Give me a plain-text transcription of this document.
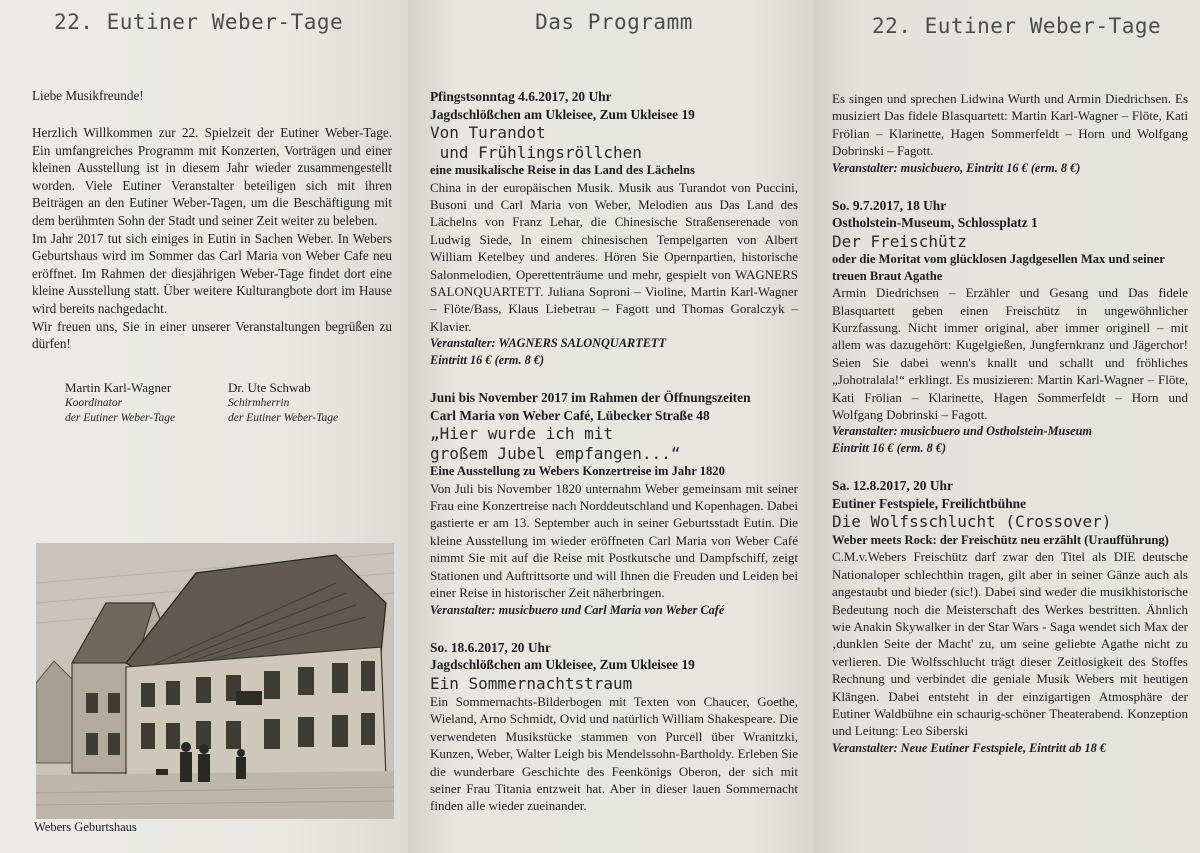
22. Eutiner Weber-Tage
Liebe Musikfreunde!
Herzlich Willkommen zur 22. Spielzeit der Eutiner Weber-Tage. Ein umfangreiches Programm mit Konzerten, Vorträgen und einer kleinen Ausstellung ist in diesem Jahr wieder zusammengestellt worden. Viele Eutiner Veranstalter beteiligen sich mit ihren Beiträgen an den Eutiner Weber-Tagen, um die Beschäftigung mit dem berühmten Sohn der Stadt und seiner Zeit weiter zu beleben.
Im Jahr 2017 tut sich einiges in Eutin in Sachen Weber. In Webers Geburtshaus wird im Sommer das Carl Maria von Weber Cafe neu eröffnet. Im Rahmen der diesjährigen Weber-Tage findet dort eine kleine Ausstellung statt. Über weitere Kulturangbote dort im Hause wird bereits nachgedacht.
Wir freuen uns, Sie in einer unserer Veranstaltungen begrüßen zu dürfen!
Martin Karl-Wagner
Koordinator
der Eutiner Weber-Tage
Dr. Ute Schwab
Schirmherrin
der Eutiner Weber-Tage
Webers Geburtshaus
Das Programm
Pfingstsonntag 4.6.2017, 20 Uhr
Jagdschlößchen am Ukleisee, Zum Ukleisee 19
Von Turandot
und Frühlingsröllchen
eine musikalische Reise in das Land des Lächelns
China in der europäischen Musik. Musik aus Turandot von Puccini, Busoni und Carl Maria von Weber, Melodien aus Das Land des Lächelns von Franz Lehar, die Chinesische Straßenserenade von Ludwig Siede, In einem chinesischen Tempelgarten von Albert William Ketelbey und anderes. Hören Sie Opernpartien, historische Salonmelodien, Operettenträume und mehr, gespielt von WAGNERS SALONQUARTETT. Juliana Soproni – Violine, Martin Karl-Wagner – Flöte/Bass, Klaus Liebetrau – Fagott und Thomas Goralczyk – Klavier.
Veranstalter: WAGNERS SALONQUARTETT
Eintritt 16 € (erm. 8 €)
Juni bis November 2017 im Rahmen der Öffnungszeiten
Carl Maria von Weber Café, Lübecker Straße 48
„Hier wurde ich mit
großem Jubel empfangen...“
Eine Ausstellung zu Webers Konzertreise im Jahr 1820
Von Juli bis November 1820 unternahm Weber gemeinsam mit seiner Frau eine Konzertreise nach Norddeutschland und Kopenhagen. Dabei gastierte er am 13. September auch in seiner Geburtsstadt Eutin. Die kleine Ausstellung im wieder eröffneten Carl Maria von Weber Café nimmt Sie mit auf die Reise mit Postkutsche und Dampfschiff, zeigt Stationen und Auftrittsorte und will Ihnen die Freuden und Leiden bei einer Reise in historischer Zeit näherbringen.
Veranstalter: musicbuero und Carl Maria von Weber Café
So. 18.6.2017, 20 Uhr
Jagdschlößchen am Ukleisee, Zum Ukleisee 19
Ein Sommernachtstraum
Ein Sommernachts-Bilderbogen mit Texten von Chaucer, Goethe, Wieland, Arno Schmidt, Ovid und natürlich William Shakespeare. Die verwendeten Musikstücke stammen von Purcell über Wranitzki, Kunzen, Weber, Walter Leigh bis Mendelssohn-Bartholdy. Erleben Sie die wunderbare Geschichte des Feenkönigs Oberon, der sich mit seiner Frau Titania entzweit hat. Aber in dieser lauen Sommernacht finden alle wieder zueinander.
22. Eutiner Weber-Tage
Es singen und sprechen Lidwina Wurth und Armin Diedrichsen. Es musiziert Das fidele Blasquartett: Martin Karl-Wagner – Flöte, Kati Frölian – Klarinette, Hagen Sommerfeldt – Horn und Wolfgang Dobrinski – Fagott.
Veranstalter: musicbuero, Eintritt 16 € (erm. 8 €)
So. 9.7.2017, 18 Uhr
Ostholstein-Museum, Schlossplatz 1
Der Freischütz
oder die Moritat vom glücklosen Jagdgesellen Max und seiner treuen Braut Agathe
Armin Diedrichsen – Erzähler und Gesang und Das fidele Blasquartett geben einen Freischütz in ungewöhnlicher Kurzfassung. Nicht immer original, aber immer originell – mit allem was dazugehört: Kugelgießen, Jungfernkranz und Jägerchor! Seien Sie dabei wenn's knallt und schallt und fröhliches „Johotralala!“ erklingt. Es musizieren: Martin Karl-Wagner – Flöte, Kati Frölian – Klarinette, Hagen Sommerfeldt – Horn und Wolfgang Dobrinski – Fagott.
Veranstalter: musicbuero und Ostholstein-Museum
Eintritt 16 € (erm. 8 €)
Sa. 12.8.2017, 20 Uhr
Eutiner Festspiele, Freilichtbühne
Die Wolfsschlucht (Crossover)
Weber meets Rock: der Freischütz neu erzählt (Uraufführung)
C.M.v.Webers Freischütz darf zwar den Titel als DIE deutsche Nationaloper schlechthin tragen, gilt aber in seiner Gänze auch als angestaubt und bieder (sic!). Dabei sind weder die musikhistorische Bedeutung noch die Meisterschaft des Werkes bestritten. Ähnlich wie Anakin Skywalker in der Star Wars - Saga wendet sich Max der ‚dunklen Seite der Macht' zu, um seine geliebte Agathe nicht zu verlieren. Die Wolfsschlucht trägt dieser Zeitlosigkeit des Stoffes Rechnung und verbindet die geniale Musik Webers mit heutigen Klängen. Dabei entsteht in der einzigartigen Atmosphäre der Eutiner Waldbühne ein schaurig-schöner Theaterabend. Konzeption und Leitung: Leo Siberski
Veranstalter: Neue Eutiner Festspiele, Eintritt ab 18 €
